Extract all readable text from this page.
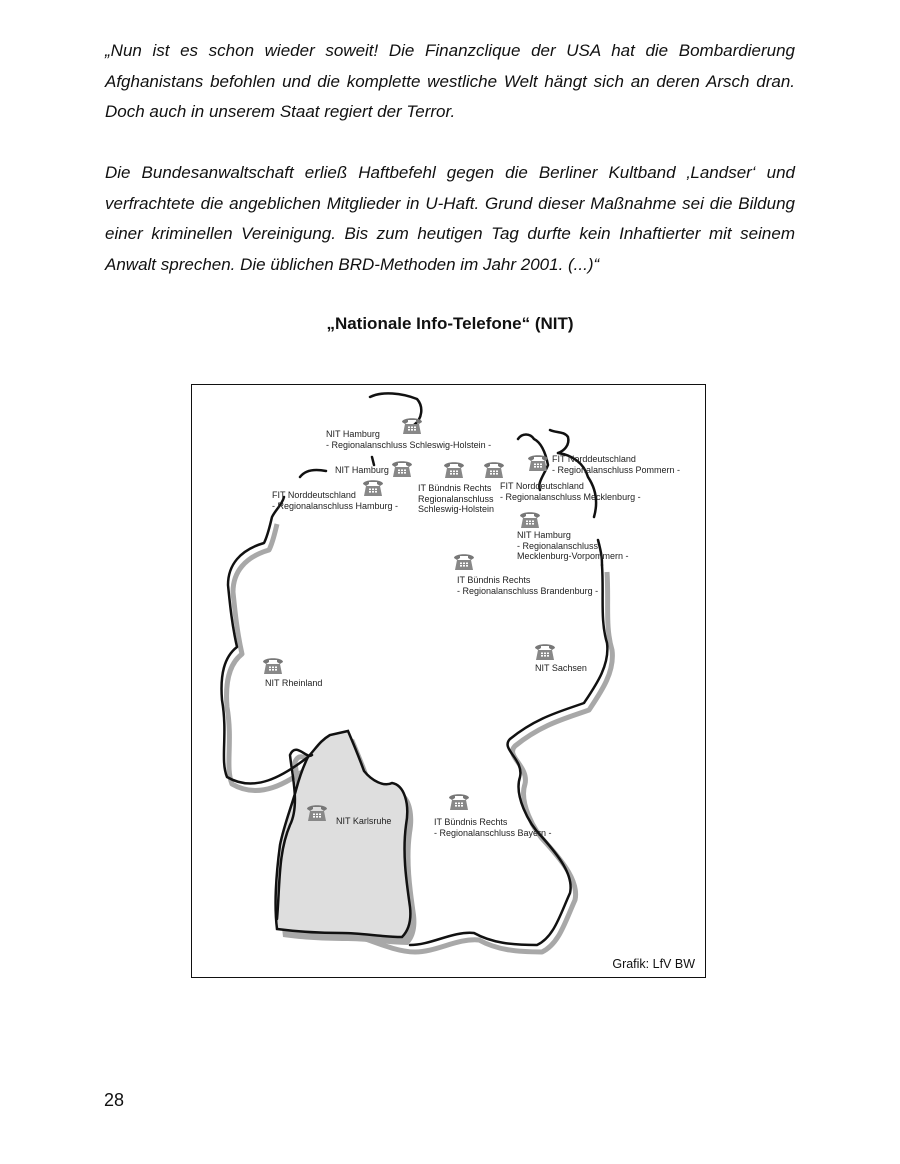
„Nun ist es schon wieder soweit! Die Finanzclique der USA hat die Bombardierung Afghanistans befohlen und die komplette westliche Welt hängt sich an deren Arsch dran. Doch auch in unserem Staat regiert der Terror.

Die Bundesanwaltschaft erließ Haftbefehl gegen die Berliner Kultband ‚Landser‘ und verfrachtete die angeblichen Mitglieder in U-Haft. Grund dieser Maßnahme sei die Bildung einer kriminellen Vereinigung. Bis zum heutigen Tag durfte kein Inhaftierter mit seinem Anwalt sprechen. Die üblichen BRD-Methoden im Jahr 2001. (...)“

„Nationale Info-Telefone“ (NIT)
NIT Hamburg
- Regionalanschluss Schleswig-Holstein -
NIT Hamburg
FIT Norddeutschland
- Regionalanschluss Hamburg -
IT Bündnis Rechts
Regionalanschluss
Schleswig-Holstein
FIT Norddeutschland
- Regionalanschluss Mecklenburg -
FIT Norddeutschland
- Regionalanschluss Pommern -
NIT Hamburg
- Regionalanschluss
Mecklenburg-Vorpommern -
IT Bündnis Rechts
- Regionalanschluss Brandenburg -
NIT Rheinland
NIT Sachsen
NIT Karlsruhe	IT Bündnis Rechts
- Regionalanschluss Bayern -
Grafik: LfV BW
28
